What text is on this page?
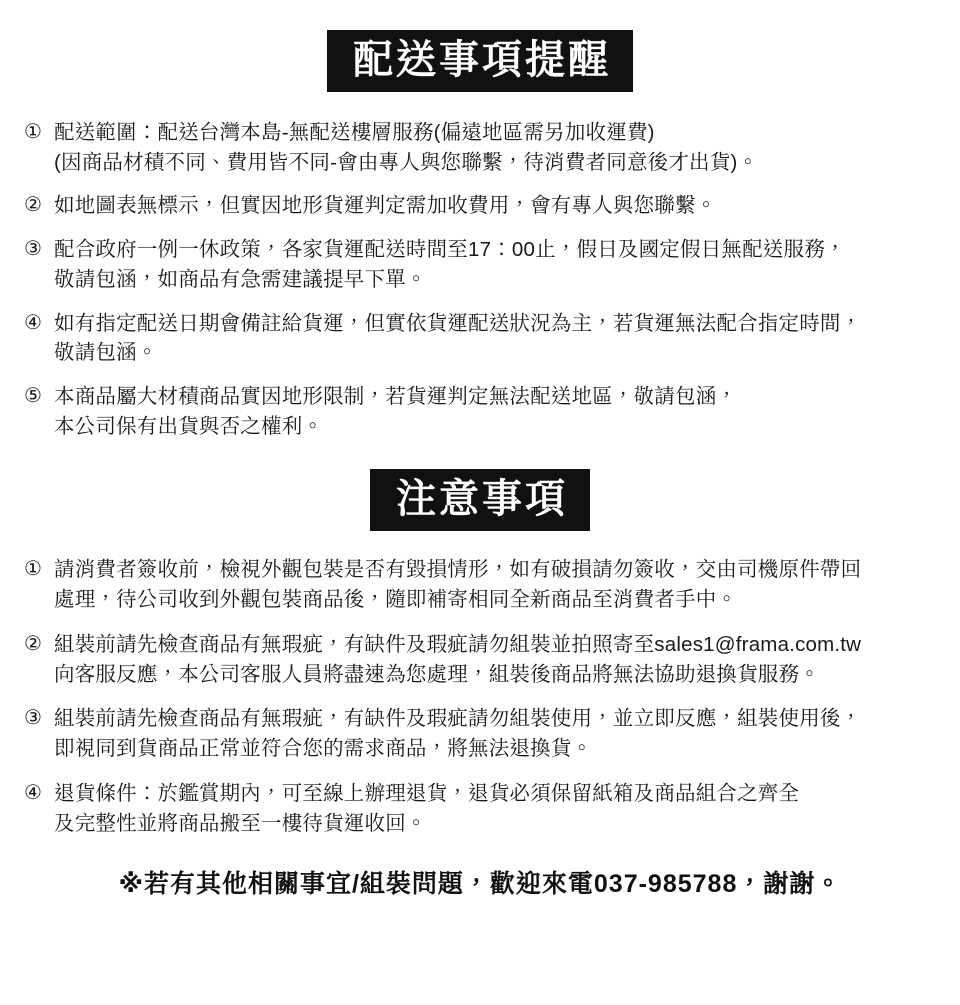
配送事項提醒
① 配送範圍：配送台灣本島-無配送樓層服務(偏遠地區需另加收運費)
(因商品材積不同、費用皆不同-會由專人與您聯繫，待消費者同意後才出貨)。
② 如地圖表無標示，但實因地形貨運判定需加收費用，會有專人與您聯繫。
③ 配合政府一例一休政策，各家貨運配送時間至17：00止，假日及國定假日無配送服務，
敬請包涵，如商品有急需建議提早下單。
④ 如有指定配送日期會備註給貨運，但實依貨運配送狀況為主，若貨運無法配合指定時間，
敬請包涵。
⑤ 本商品屬大材積商品實因地形限制，若貨運判定無法配送地區，敬請包涵，
本公司保有出貨與否之權利。
注意事項
① 請消費者簽收前，檢視外觀包裝是否有毀損情形，如有破損請勿簽收，交由司機原件帶回
處理，待公司收到外觀包裝商品後，隨即補寄相同全新商品至消費者手中。
② 組裝前請先檢查商品有無瑕疵，有缺件及瑕疵請勿組裝並拍照寄至sales1@frama.com.tw
向客服反應，本公司客服人員將盡速為您處理，組裝後商品將無法協助退換貨服務。
③ 組裝前請先檢查商品有無瑕疵，有缺件及瑕疵請勿組裝使用，並立即反應，組裝使用後，
即視同到貨商品正常並符合您的需求商品，將無法退換貨。
④ 退貨條件：於鑑賞期內，可至線上辦理退貨，退貨必須保留紙箱及商品組合之齊全
及完整性並將商品搬至一樓待貨運收回。
※若有其他相關事宜/組裝問題，歡迎來電037-985788，謝謝。
